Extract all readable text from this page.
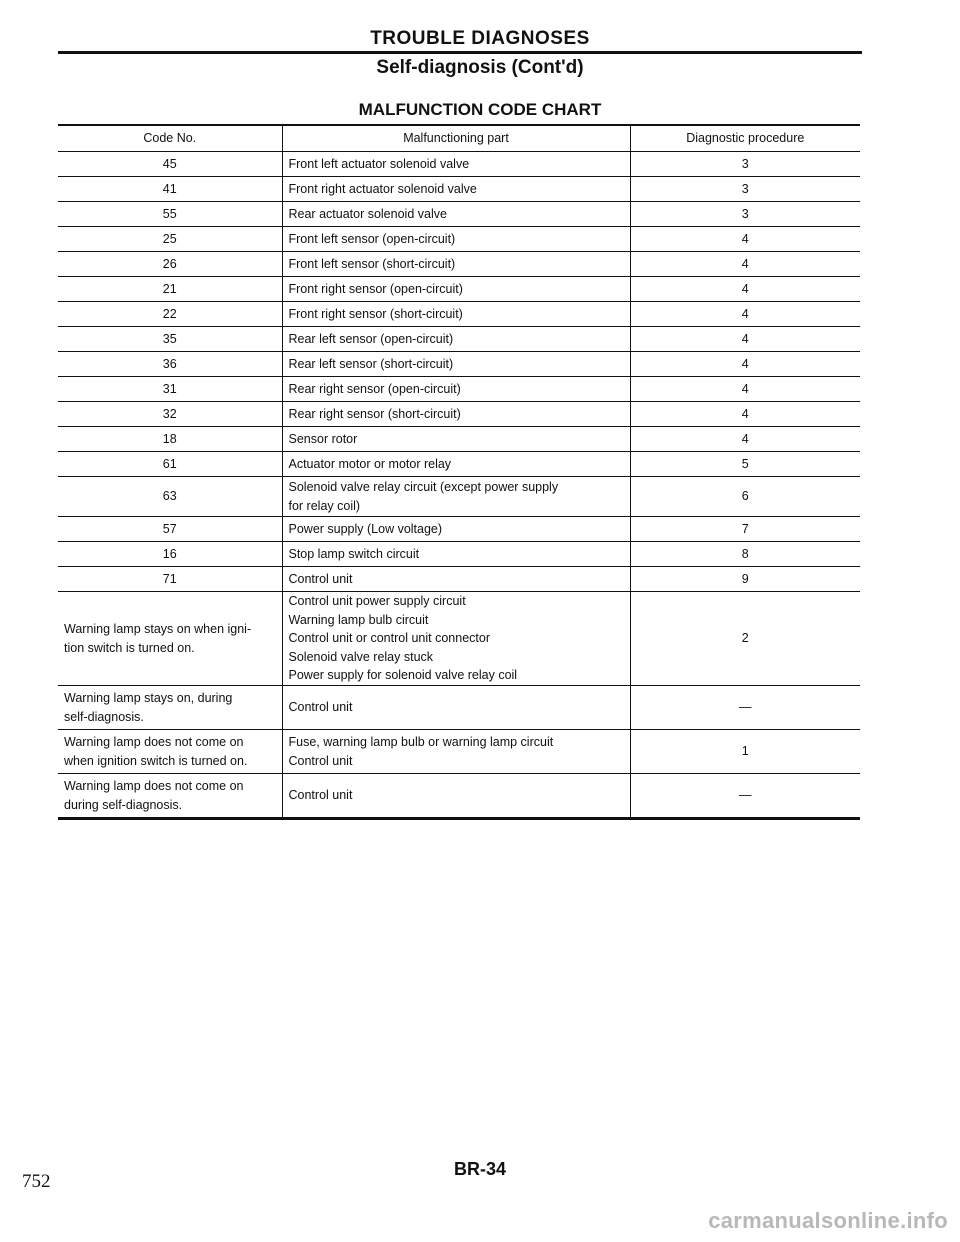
TROUBLE DIAGNOSES
Self-diagnosis (Cont'd)
MALFUNCTION CODE CHART
Code No.	Malfunctioning part	Diagnostic procedure

45	Front left actuator solenoid valve	3

41	Front right actuator solenoid valve	3

55	Rear actuator solenoid valve	3

25	Front left sensor (open-circuit)	4

26	Front left sensor (short-circuit)	4

21	Front right sensor (open-circuit)	4

22	Front right sensor (short-circuit)	4

35	Rear left sensor (open-circuit)	4

36	Rear left sensor (short-circuit)	4

31	Rear right sensor (open-circuit)	4

32	Rear right sensor (short-circuit)	4

18	Sensor rotor	4

61	Actuator motor or motor relay	5

63	Solenoid valve relay circuit (except power supply
for relay coil)	6

57	Power supply (Low voltage)	7

16	Stop lamp switch circuit	8

71	Control unit	9

Warning lamp stays on when igni-
tion switch is turned on.	Control unit power supply circuit
Warning lamp bulb circuit
Control unit or control unit connector
Solenoid valve relay stuck
Power supply for solenoid valve relay coil	2

Warning lamp stays on, during
self-diagnosis.	Control unit	—

Warning lamp does not come on
when ignition switch is turned on.	Fuse, warning lamp bulb or warning lamp circuit
Control unit	1

Warning lamp does not come on
during self-diagnosis.	Control unit	—
752
BR-34
carmanualsonline.info
